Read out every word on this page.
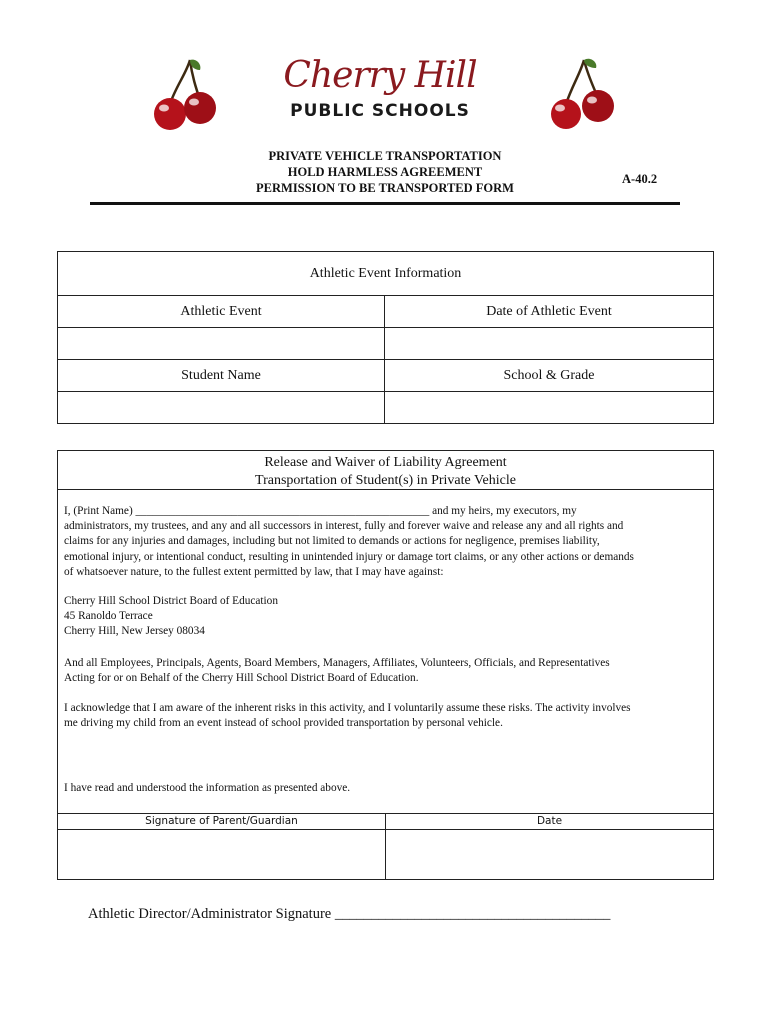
Cherry Hill
PUBLIC SCHOOLS
PRIVATE VEHICLE TRANSPORTATION
HOLD HARMLESS AGREEMENT
PERMISSION TO BE TRANSPORTED FORM
A-40.2
Athletic Event Information
Athletic Event	Date of Athletic Event
Student Name	School & Grade
Release and Waiver of Liability Agreement
Transportation of Student(s) in Private Vehicle
I, (Print Name) ____________________________________________________ and my heirs, my executors, my
administrators, my trustees, and any and all successors in interest, fully and forever waive and release any and all rights and
claims for any injuries and damages, including but not limited to demands or actions for negligence, premises liability,
emotional injury, or intentional conduct, resulting in unintended injury or damage tort claims, or any other actions or demands
of whatsoever nature, to the fullest extent permitted by law, that I may have against:
Cherry Hill School District Board of Education
45 Ranoldo Terrace
Cherry Hill, New Jersey 08034
And all Employees, Principals, Agents, Board Members, Managers, Affiliates, Volunteers, Officials, and Representatives
Acting for or on Behalf of the Cherry Hill School District Board of Education.
I acknowledge that I am aware of the inherent risks in this activity, and I voluntarily assume these risks. The activity involves
me driving my child from an event instead of school provided transportation by personal vehicle.
I have read and understood the information as presented above.
Signature of Parent/Guardian	Date
Athletic Director/Administrator Signature ______________________________________
